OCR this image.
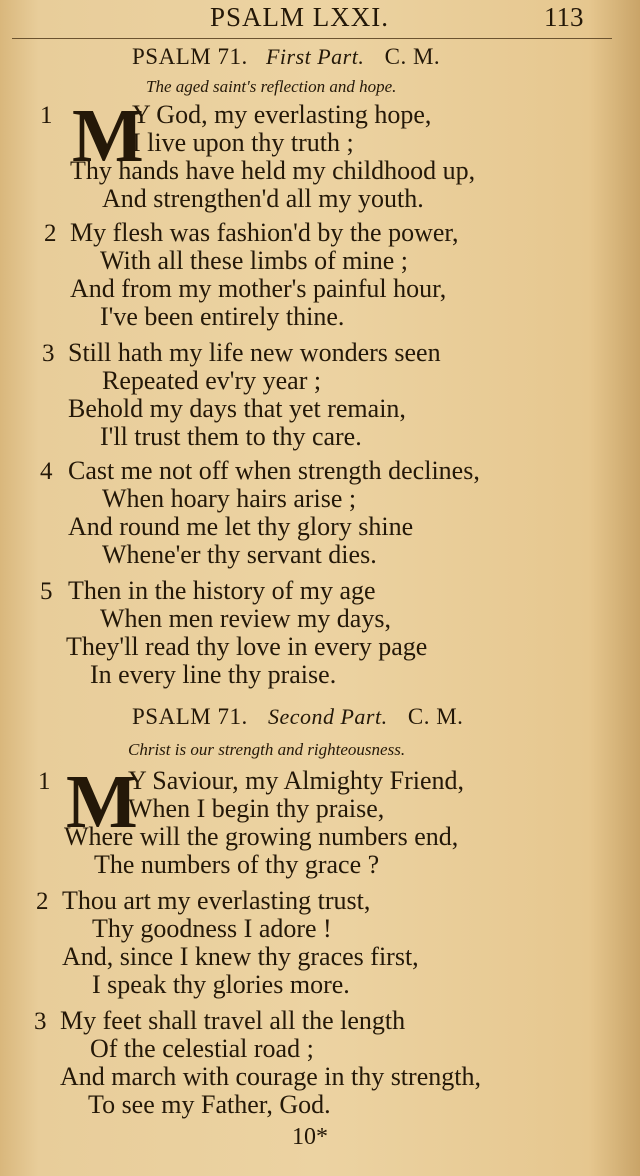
PSALM LXXI.	113
PSALM 71. First Part. C. M.
The aged saint's reflection and hope.
1 M
Y God, my everlasting hope,
I live upon thy truth ;
Thy hands have held my childhood up,
And strengthen'd all my youth.
2 My flesh was fashion'd by the power,
With all these limbs of mine ;
And from my mother's painful hour,
I've been entirely thine.
3 Still hath my life new wonders seen
Repeated ev'ry year ;
Behold my days that yet remain,
I'll trust them to thy care.
4 Cast me not off when strength declines,
When hoary hairs arise ;
And round me let thy glory shine
Whene'er thy servant dies.
5 Then in the history of my age
When men review my days,
They'll read thy love in every page
In every line thy praise.
PSALM 71. Second Part. C. M.
Christ is our strength and righteousness.
1 M
Y Saviour, my Almighty Friend,
When I begin thy praise,
Where will the growing numbers end,
The numbers of thy grace ?
2 Thou art my everlasting trust,
Thy goodness I adore !
And, since I knew thy graces first,
I speak thy glories more.
3 My feet shall travel all the length
Of the celestial road ;
And march with courage in thy strength,
To see my Father, God.
10*
